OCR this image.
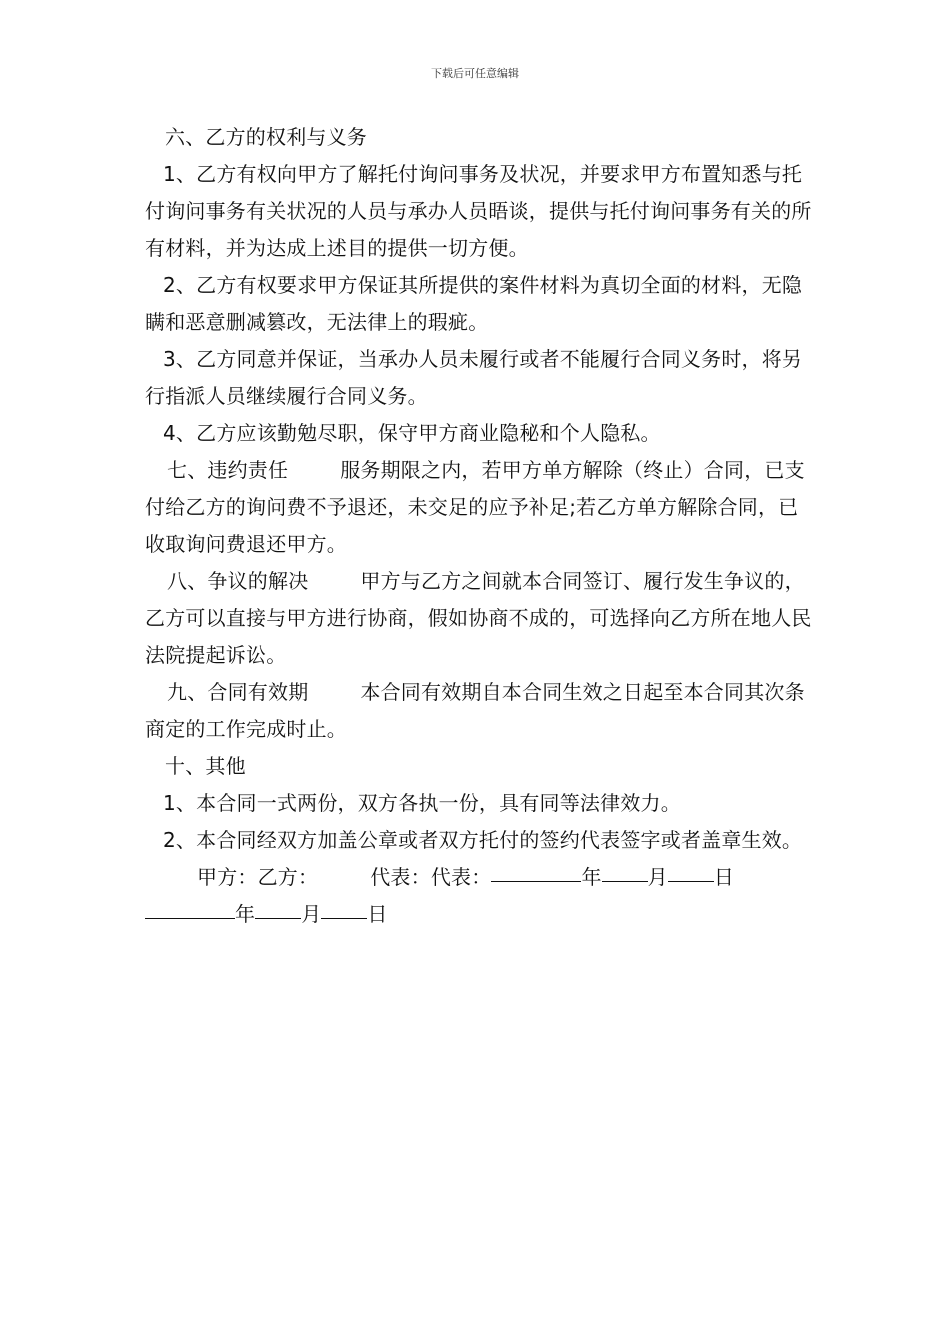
下载后可任意编辑

六、乙方的权利与义务

1、乙方有权向甲方了解托付询问事务及状况，并要求甲方布置知悉与托付询问事务有关状况的人员与承办人员晤谈，提供与托付询问事务有关的所有材料，并为达成上述目的提供一切方便。

2、乙方有权要求甲方保证其所提供的案件材料为真切全面的材料，无隐瞒和恶意删减篡改，无法律上的瑕疵。

3、乙方同意并保证，当承办人员未履行或者不能履行合同义务时，将另行指派人员继续履行合同义务。

4、乙方应该勤勉尽职，保守甲方商业隐秘和个人隐私。

七、违约责任	服务期限之内，若甲方单方解除（终止）合同，已支付给乙方的询问费不予退还，未交足的应予补足;若乙方单方解除合同，已收取询问费退还甲方。

八、争议的解决	甲方与乙方之间就本合同签订、履行发生争议的，乙方可以直接与甲方进行协商，假如协商不成的，可选择向乙方所在地人民法院提起诉讼。

九、合同有效期	本合同有效期自本合同生效之日起至本合同其次条商定的工作完成时止。

十、其他

1、本合同一式两份，双方各执一份，具有同等法律效力。

2、本合同经双方加盖公章或者双方托付的签约代表签字或者盖章生效。甲方：乙方：	代表：代表：	年 月 日年 月 日
